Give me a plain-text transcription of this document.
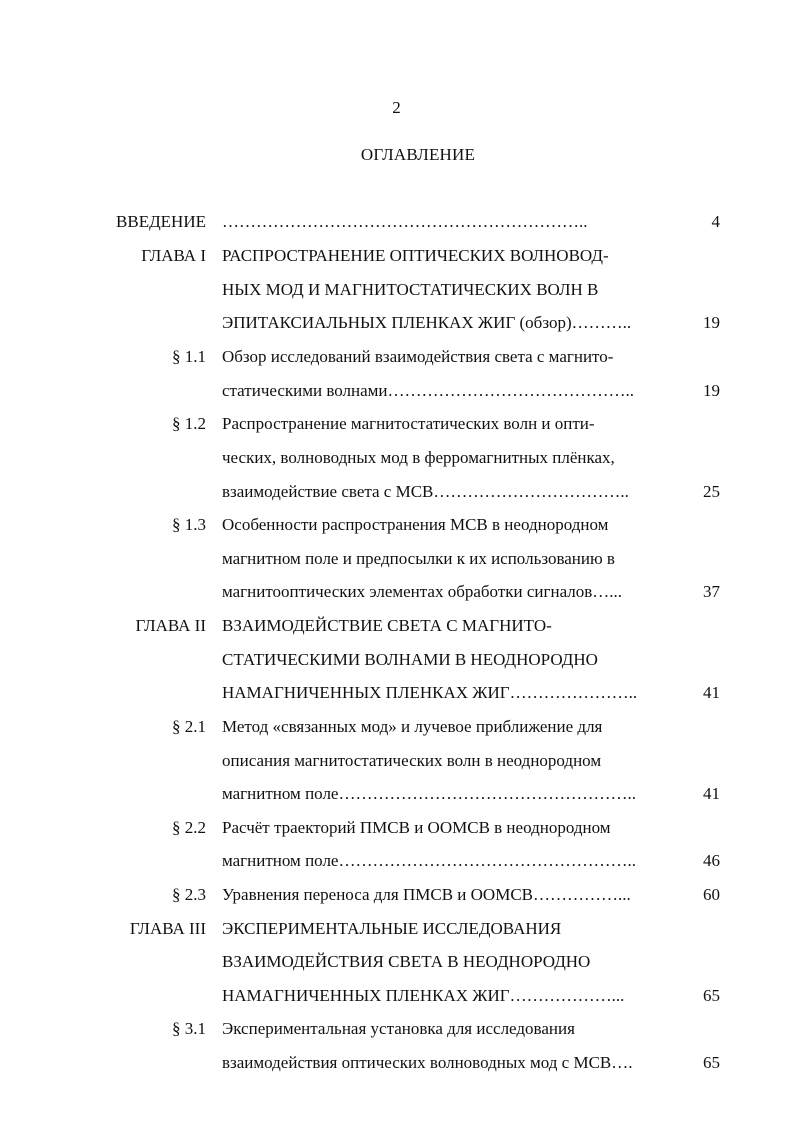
2
ОГЛАВЛЕНИЕ
ВВЕДЕНИЕ ………………………………………………………..	4
ГЛАВА I РАСПРОСТРАНЕНИЕ ОПТИЧЕСКИХ ВОЛНОВОД-
НЫХ МОД И МАГНИТОСТАТИЧЕСКИХ ВОЛН В
ЭПИТАКСИАЛЬНЫХ ПЛЕНКАХ ЖИГ (обзор)………..	19
§ 1.1 Обзор исследований взаимодействия света с магнито-
статическими волнами……………………………………..	19
§ 1.2 Распространение магнитостатических волн и опти-
ческих, волноводных мод в ферромагнитных плёнках,
взаимодействие света с МСВ……………………………..	25
§ 1.3 Особенности распространения МСВ в неоднородном
магнитном поле и предпосылки к их использованию в
магнитооптических элементах обработки сигналов…...	37
ГЛАВА II ВЗАИМОДЕЙСТВИЕ СВЕТА С МАГНИТО-
СТАТИЧЕСКИМИ ВОЛНАМИ В НЕОДНОРОДНО
НАМАГНИЧЕННЫХ ПЛЕНКАХ ЖИГ…………………..	41
§ 2.1 Метод «связанных мод» и лучевое приближение для
описания магнитостатических волн в неоднородном
магнитном поле……………………………………………..	41
§ 2.2 Расчёт траекторий ПМСВ и ООМСВ в неоднородном
магнитном поле……………………………………………..	46
§ 2.3 Уравнения переноса для ПМСВ и ООМСВ……………...	60
ГЛАВА III ЭКСПЕРИМЕНТАЛЬНЫЕ ИССЛЕДОВАНИЯ
ВЗАИМОДЕЙСТВИЯ СВЕТА В НЕОДНОРОДНО
НАМАГНИЧЕННЫХ ПЛЕНКАХ ЖИГ………………...	65
§ 3.1 Экспериментальная установка для исследования
взаимодействия оптических волноводных мод с МСВ….	65
